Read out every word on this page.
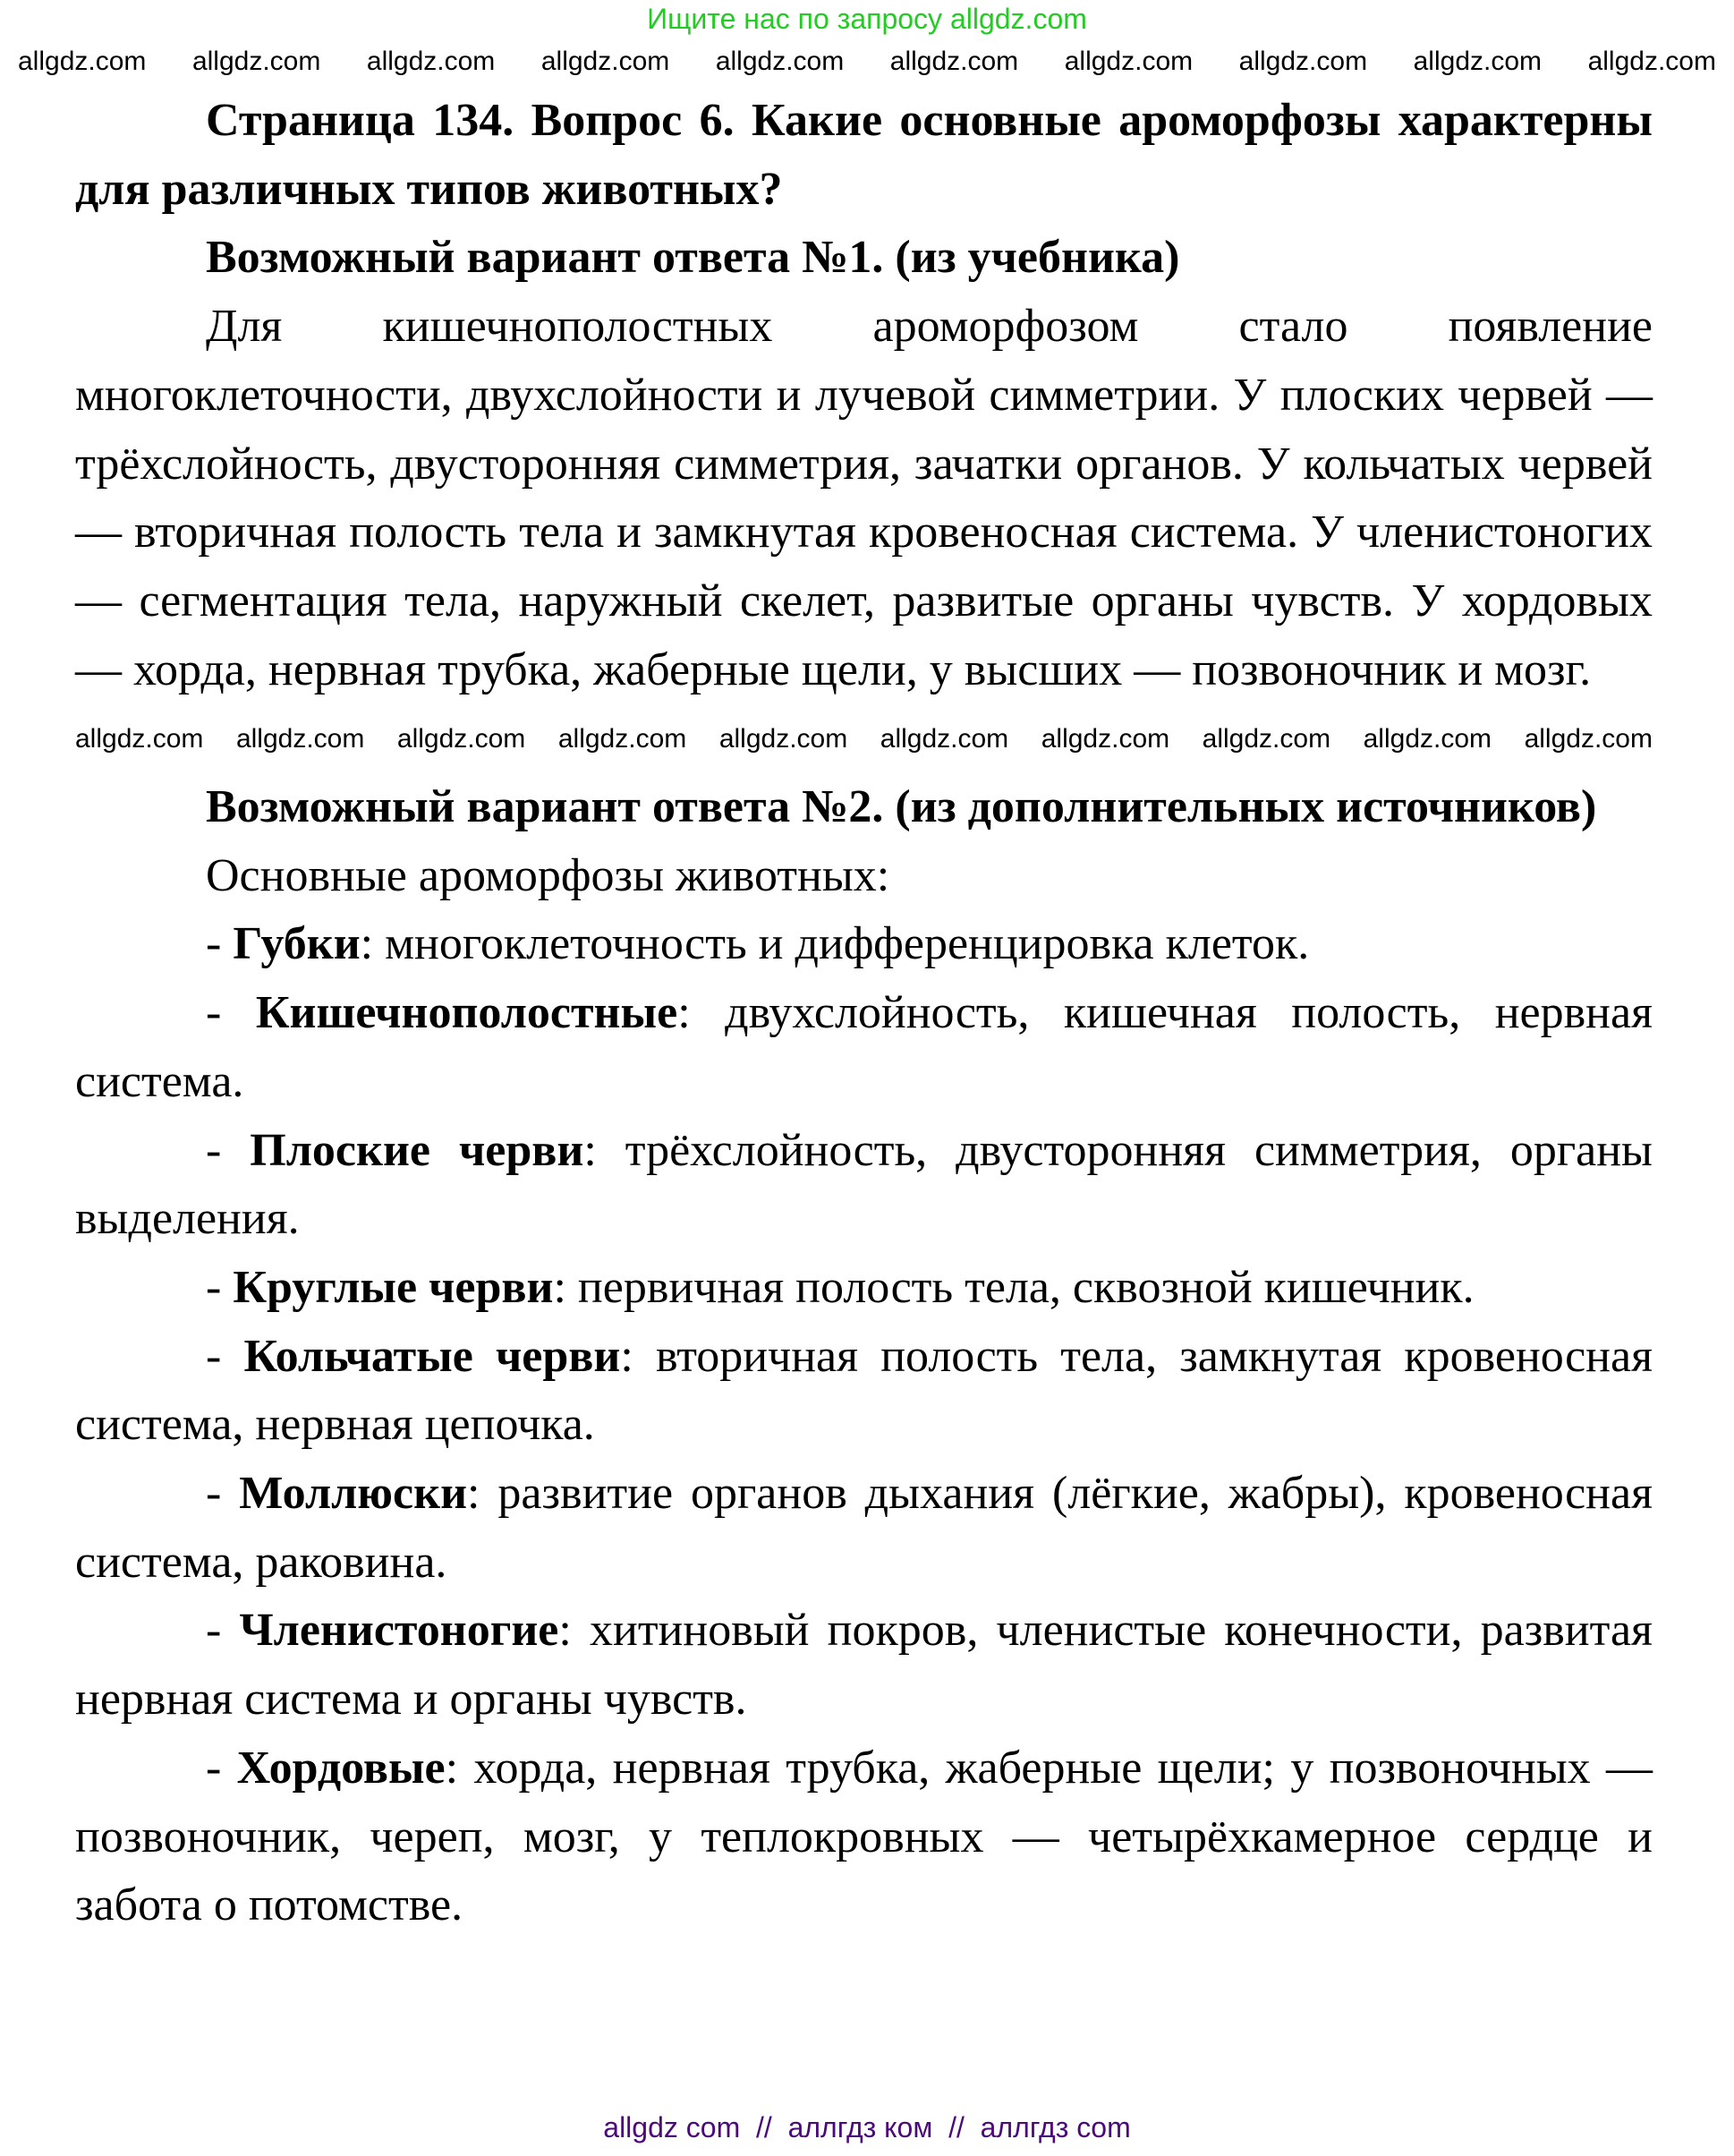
Ищите нас по запросу allgdz.com
allgdz.com allgdz.com allgdz.com allgdz.com allgdz.com allgdz.com allgdz.com allgdz.com allgdz.com allgdz.com

Страница 134. Вопрос 6. Какие основные ароморфозы характерны для различных типов животных?

Возможный вариант ответа №1. (из учебника)

Для кишечнополостных ароморфозом стало появление многоклеточности, двухслойности и лучевой симметрии. У плоских червей — трёхслойность, двусторонняя симметрия, зачатки органов. У кольчатых червей — вторичная полость тела и замкнутая кровеносная система. У членистоногих — сегментация тела, наружный скелет, развитые органы чувств. У хордовых — хорда, нервная трубка, жаберные щели, у высших — позвоночник и мозг.

allgdz.com allgdz.com allgdz.com allgdz.com allgdz.com allgdz.com allgdz.com allgdz.com allgdz.com allgdz.com

Возможный вариант ответа №2. (из дополнительных источников)

Основные ароморфозы животных:

- Губки: многоклеточность и дифференцировка клеток.

- Кишечнополостные: двухслойность, кишечная полость, нервная система.

- Плоские черви: трёхслойность, двусторонняя симметрия, органы выделения.

- Круглые черви: первичная полость тела, сквозной кишечник.

- Кольчатые черви: вторичная полость тела, замкнутая кровеносная система, нервная цепочка.

- Моллюски: развитие органов дыхания (лёгкие, жабры), кровеносная система, раковина.

- Членистоногие: хитиновый покров, членистые конечности, развитая нервная система и органы чувств.

- Хордовые: хорда, нервная трубка, жаберные щели; у позвоночных — позвоночник, череп, мозг, у теплокровных — четырёхкамерное сердце и забота о потомстве.

allgdz com  //  аллгдз ком  //  аллгдз com
